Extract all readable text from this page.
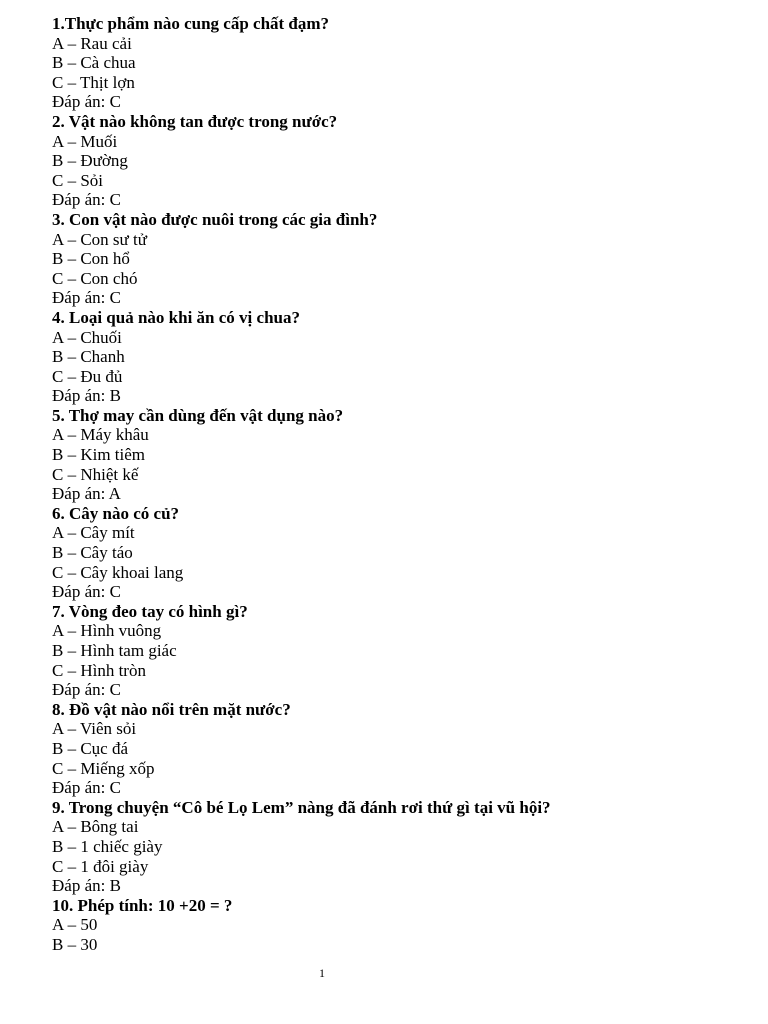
1.Thực phẩm nào cung cấp chất đạm?
A – Rau cải
B – Cà chua
C – Thịt lợn
Đáp án: C
2. Vật nào không tan được trong nước?
A – Muối
B – Đường
C – Sỏi
Đáp án: C
3. Con vật nào được nuôi trong các gia đình?
A – Con sư tử
B – Con hổ
C – Con chó
Đáp án: C
4. Loại quả nào khi ăn có vị chua?
A – Chuối
B – Chanh
C – Đu đủ
Đáp án: B
5. Thợ may cần dùng đến vật dụng nào?
A – Máy khâu
B – Kim tiêm
C – Nhiệt kế
Đáp án: A
6. Cây nào có củ?
A – Cây mít
B – Cây táo
C – Cây khoai lang
Đáp án: C
7. Vòng đeo tay có hình gì?
A – Hình vuông
B – Hình tam giác
C – Hình tròn
Đáp án: C
8. Đồ vật nào nổi trên mặt nước?
A – Viên sỏi
B – Cục đá
C – Miếng xốp
Đáp án: C
9. Trong chuyện “Cô bé Lọ Lem” nàng đã đánh rơi thứ gì tại vũ hội?
A – Bông tai
B – 1 chiếc giày
C – 1 đôi giày
Đáp án: B
10. Phép tính: 10 +20 = ?
A – 50
B – 30
1
